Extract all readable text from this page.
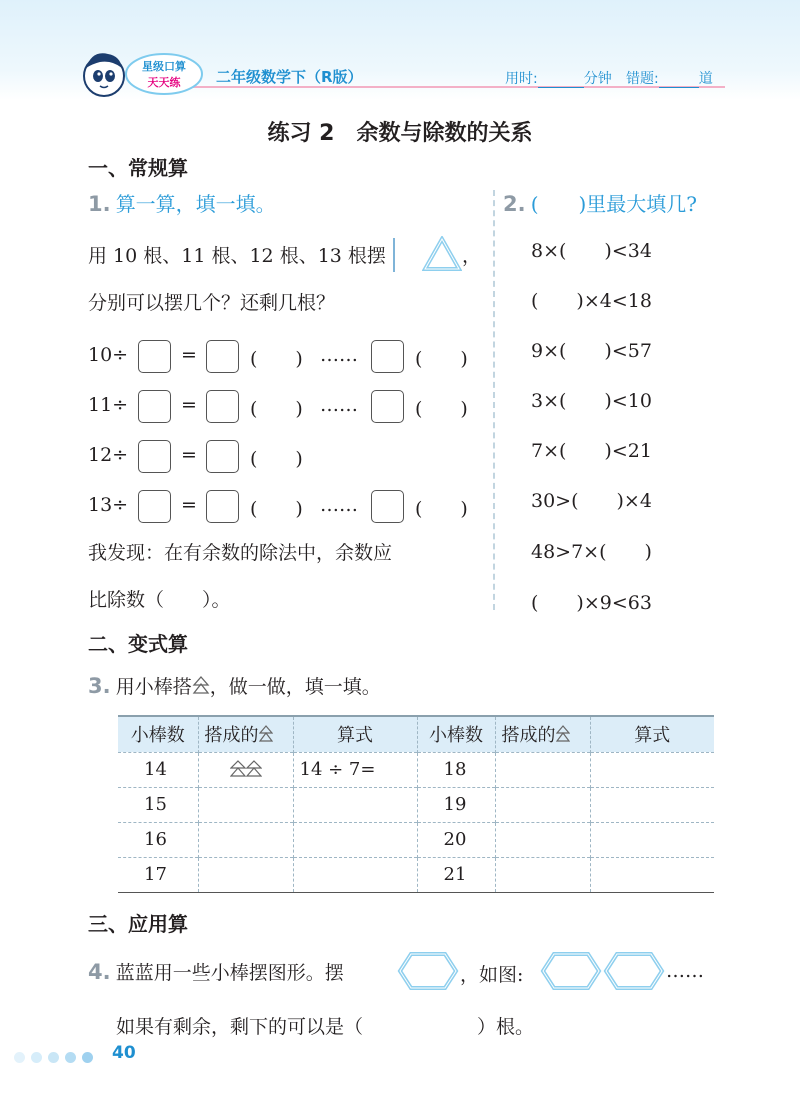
星级口算
天天练 二年级数学下（R版）	用时:	分钟 错题:	道
练习 2　余数与除数的关系
一、常规算
1. 算一算，填一填。
用 10 根、11 根、12 根、13 根摆	，
分别可以摆几个？还剩几根？
10÷	=	(　　) ……	(　　)
11÷	=	(　　) ……	(　　)
12÷	=	(　　)
13÷	=	(　　) ……	(　　)
我发现：在有余数的除法中，余数应
比除数（　　）。
2. (　　)里最大填几?
8×(　　)<34
(　　)×4<18
9×(　　)<57
3×(　　)<10
7×(　　)<21
30>(　　)×4
48>7×(　　)
(　　)×9<63
二、变式算
3. 用小棒搭 ，做一做，填一填。
小棒数	搭成的	算式	小棒数	搭成的	算式
14		14 ÷ 7=	18		
15			19		
16			20		
17			21		
三、应用算
4. 蓝蓝用一些小棒摆图形。摆	，如图:	……
如果有剩余，剩下的可以是（　　　　　　）根。
40
